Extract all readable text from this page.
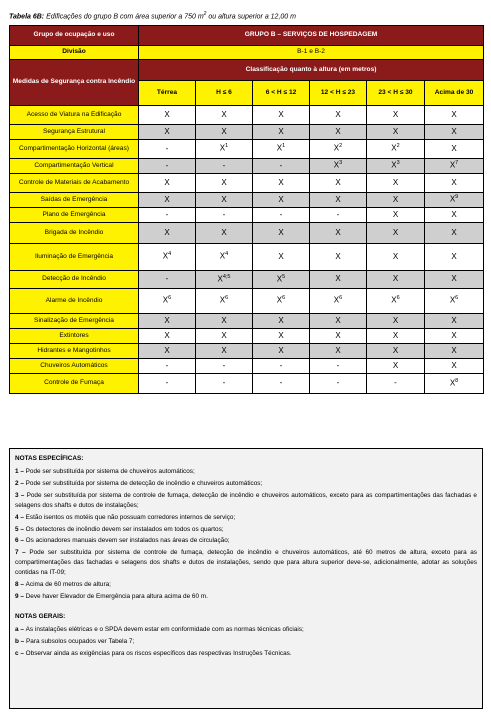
Tabela 6B: Edificações do grupo B com área superior a 750 $m^2$ ou altura superior a 12,00 m
Grupo de ocupação e uso	GRUPO B – SERVIÇOS DE HOSPEDAGEM					
Divisão	B-1 e B-2					
Medidas de Segurança contra Incêndio	Classificação quanto à altura (em metros)					
	Térrea	H ≤ 6	6 < H ≤ 12	12 < H ≤ 23	23 < H ≤ 30	Acima de 30
Acesso de Viatura na Edificação	X	X	X	X	X	X
Segurança Estrutural	X	X	X	X	X	X
Compartimentação Horizontal (áreas)	-	$X^1$	$X^1$	$X^2$	$X^2$	X
Compartimentação Vertical	-	-	-	$X^3$	$X^3$	$X^7$
Controle de Materiais de Acabamento	X	X	X	X	X	X
Saídas de Emergência	X	X	X	X	X	$X^9$
Plano de Emergência	-	-	-	-	X	X
Brigada de Incêndio	X	X	X	X	X	X
Iluminação de Emergência	$X^4$	$X^4$	X	X	X	X
Detecção de Incêndio	-	$X^{4;5}$	$X^5$	X	X	X
Alarme de Incêndio	$X^6$	$X^6$	$X^6$	$X^6$	$X^6$	$X^6$
Sinalização de Emergência	X	X	X	X	X	X
Extintores	X	X	X	X	X	X
Hidrantes e Mangotinhos	X	X	X	X	X	X
Chuveiros Automáticos	-	-	-	-	X	X
Controle de Fumaça	-	-	-	-	-	$X^8$
NOTAS ESPECÍFICAS:
1 – Pode ser substituída por sistema de chuveiros automáticos;
2 – Pode ser substituída por sistema de detecção de incêndio e chuveiros automáticos;
3 – Pode ser substituída por sistema de controle de fumaça, detecção de incêndio e chuveiros automáticos, exceto para as compartimentações das fachadas e selagens dos shafts e dutos de instalações;
4 – Estão isentos os motéis que não possuam corredores internos de serviço;
5 – Os detectores de incêndio devem ser instalados em todos os quartos;
6 – Os acionadores manuais devem ser instalados nas áreas de circulação;
7 – Pode ser substituída por sistema de controle de fumaça, detecção de incêndio e chuveiros automáticos, até 60 metros de altura, exceto para as compartimentações das fachadas e selagens dos shafts e dutos de instalações, sendo que para altura superior deve-se, adicionalmente, adotar as soluções contidas na IT-09;
8 – Acima de 60 metros de altura;
9 – Deve haver Elevador de Emergência para altura acima de 60 m.
NOTAS GERAIS:
a – As instalações elétricas e o SPDA devem estar em conformidade com as normas técnicas oficiais;
b – Para subsolos ocupados ver Tabela 7;
c – Observar ainda as exigências para os riscos específicos das respectivas Instruções Técnicas.
